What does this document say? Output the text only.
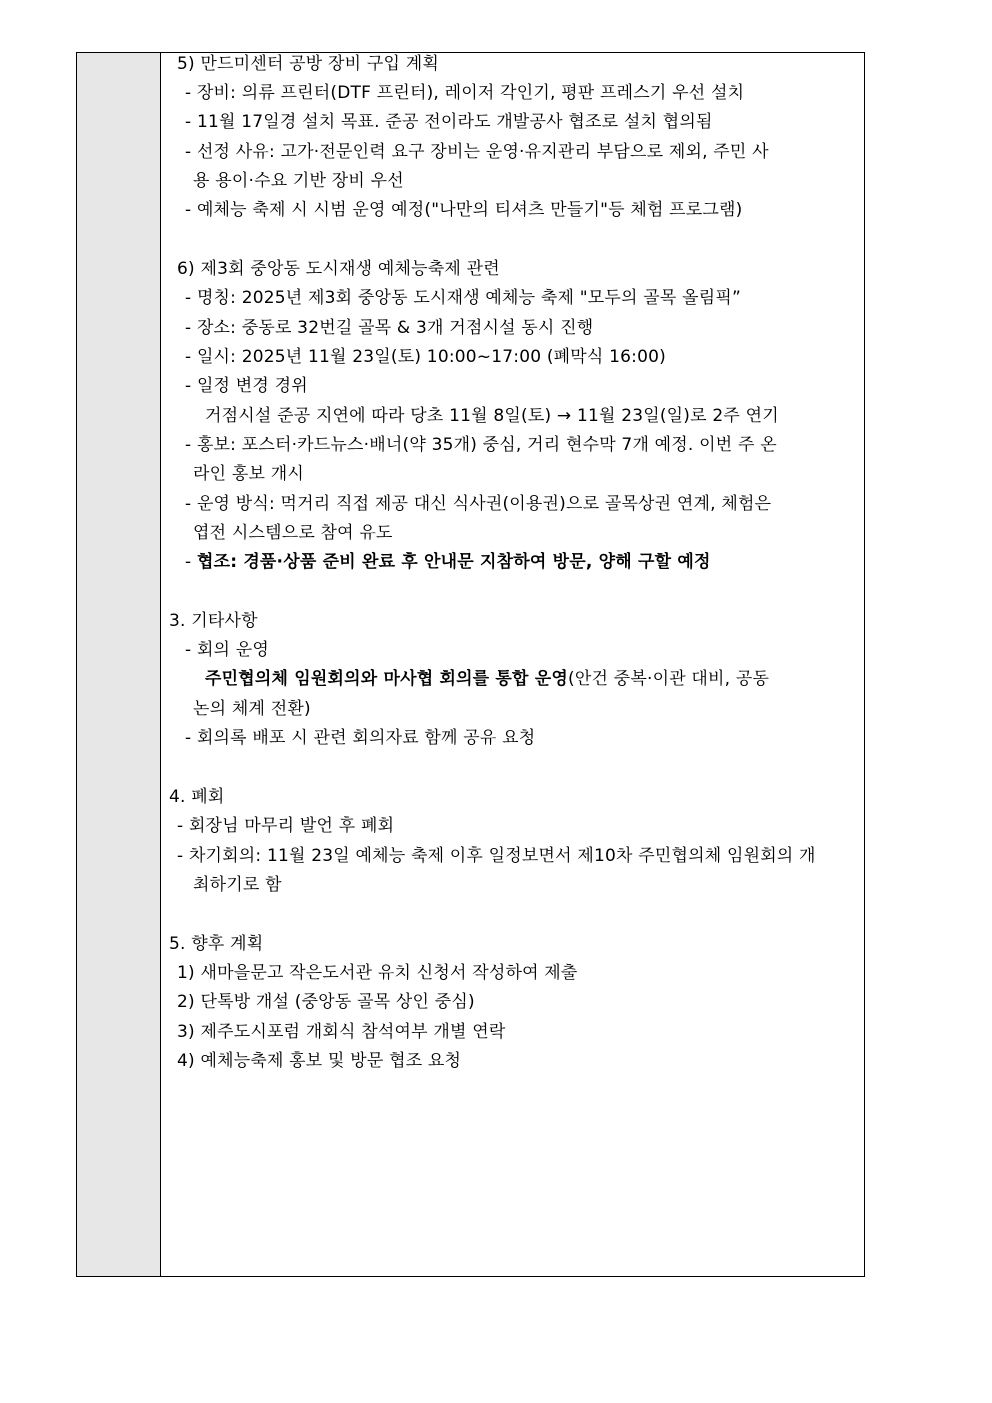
5) 만드미센터 공방 장비 구입 계획
- 장비: 의류 프린터(DTF 프린터), 레이저 각인기, 평판 프레스기 우선 설치
- 11월 17일경 설치 목표. 준공 전이라도 개발공사 협조로 설치 협의됨
- 선정 사유: 고가·전문인력 요구 장비는 운영·유지관리 부담으로 제외, 주민 사
용 용이·수요 기반 장비 우선
- 예체능 축제 시 시범 운영 예정("나만의 티셔츠 만들기"등 체험 프로그램)
6) 제3회 중앙동 도시재생 예체능축제 관련
- 명칭: 2025년 제3회 중앙동 도시재생 예체능 축제 "모두의 골목 올림픽”
- 장소: 중동로 32번길 골목 & 3개 거점시설 동시 진행
- 일시: 2025년 11월 23일(토) 10:00~17:00 (폐막식 16:00)
- 일정 변경 경위
거점시설 준공 지연에 따라 당초 11월 8일(토) → 11월 23일(일)로 2주 연기
- 홍보: 포스터·카드뉴스·배너(약 35개) 중심, 거리 현수막 7개 예정. 이번 주 온
라인 홍보 개시
- 운영 방식: 먹거리 직접 제공 대신 식사권(이용권)으로 골목상권 연계, 체험은
엽전 시스템으로 참여 유도
- 협조: 경품·상품 준비 완료 후 안내문 지참하여 방문, 양해 구할 예정
3. 기타사항
- 회의 운영
주민협의체 임원회의와 마사협 회의를 통합 운영(안건 중복·이관 대비, 공동
논의 체계 전환)
- 회의록 배포 시 관련 회의자료 함께 공유 요청
4. 폐회
- 회장님 마무리 발언 후 폐회
- 차기회의: 11월 23일 예체능 축제 이후 일정보면서 제10차 주민협의체 임원회의 개
최하기로 함
5. 향후 계획
1) 새마을문고 작은도서관 유치 신청서 작성하여 제출
2) 단톡방 개설 (중앙동 골목 상인 중심)
3) 제주도시포럼 개회식 참석여부 개별 연락
4) 예체능축제 홍보 및 방문 협조 요청
